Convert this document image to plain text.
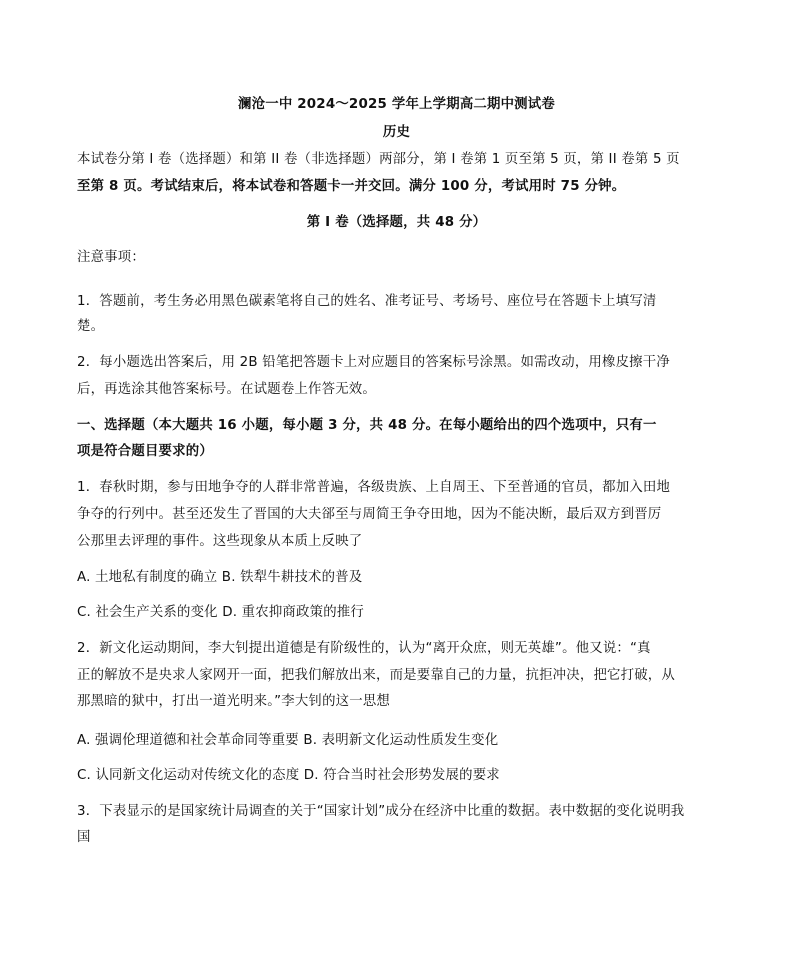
澜沧一中 2024～2025 学年上学期高二期中测试卷
历史
本试卷分第 I 卷（选择题）和第 II 卷（非选择题）两部分，第 I 卷第 1 页至第 5 页，第 II 卷第 5 页
至第 8 页。考试结束后，将本试卷和答题卡一并交回。满分 100 分，考试用时 75 分钟。
第 I 卷（选择题，共 48 分）
注意事项：
1．答题前，考生务必用黑色碳素笔将自己的姓名、准考证号、考场号、座位号在答题卡上填写清
楚。
2．每小题选出答案后，用 2B 铅笔把答题卡上对应题目的答案标号涂黑。如需改动，用橡皮擦干净
后，再选涂其他答案标号。在试题卷上作答无效。
一、选择题（本大题共 16 小题，每小题 3 分，共 48 分。在每小题给出的四个选项中，只有一
项是符合题目要求的）
1．春秋时期，参与田地争夺的人群非常普遍，各级贵族、上自周王、下至普通的官员，都加入田地
争夺的行列中。甚至还发生了晋国的大夫郤至与周简王争夺田地，因为不能决断，最后双方到晋厉
公那里去评理的事件。这些现象从本质上反映了
A. 土地私有制度的确立 B. 铁犁牛耕技术的普及
C. 社会生产关系的变化 D. 重农抑商政策的推行
2．新文化运动期间，李大钊提出道德是有阶级性的，认为“离开众庶，则无英雄”。他又说：“真
正的解放不是央求人家网开一面，把我们解放出来，而是要靠自己的力量，抗拒冲决，把它打破，从
那黑暗的狱中，打出一道光明来。”李大钊的这一思想
A. 强调伦理道德和社会革命同等重要 B. 表明新文化运动性质发生变化
C. 认同新文化运动对传统文化的态度 D. 符合当时社会形势发展的要求
3．下表显示的是国家统计局调查的关于“国家计划”成分在经济中比重的数据。表中数据的变化说明我
国
